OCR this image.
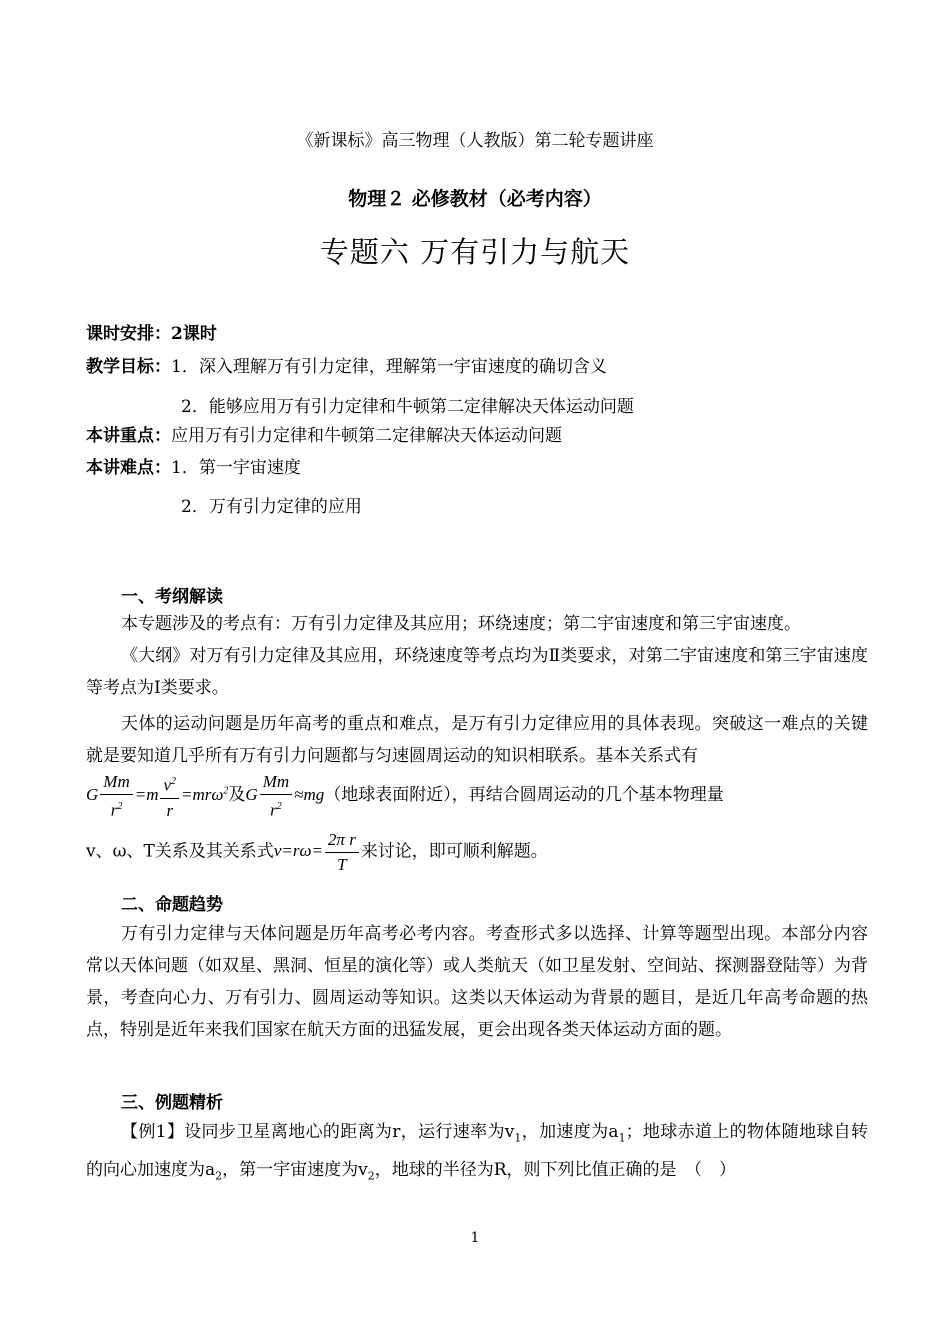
《新课标》高三物理（人教版）第二轮专题讲座
物理２ 必修教材（必考内容）
专题六 万有引力与航天
课时安排：2课时
教学目标：1．深入理解万有引力定律，理解第一宇宙速度的确切含义
2．能够应用万有引力定律和牛顿第二定律解决天体运动问题
本讲重点：应用万有引力定律和牛顿第二定律解决天体运动问题
本讲难点：1．第一宇宙速度
2．万有引力定律的应用
一、考纲解读
本专题涉及的考点有：万有引力定律及其应用；环绕速度；第二宇宙速度和第三宇宙速度。
《大纲》对万有引力定律及其应用，环绕速度等考点均为Ⅱ类要求，对第二宇宙速度和第三宇宙速度等考点为Ⅰ类要求。
天体的运动问题是历年高考的重点和难点，是万有引力定律应用的具体表现。突破这一难点的关键就是要知道几乎所有万有引力问题都与匀速圆周运动的知识相联系。基本关系式有
G $\frac{Mm}{r^2} =m \frac{v^2}{r} =mr\omega^2$及G $\frac{Mm}{r^2} \approx mg$（地球表面附近），再结合圆周运动的几个基本物理量
v、ω、T关系及其关系式$v=r\omega= \frac{\text{2π r}}{T}$ 来讨论，即可顺利解题。
二、命题趋势
万有引力定律与天体问题是历年高考必考内容。考查形式多以选择、计算等题型出现。本部分内容常以天体问题（如双星、黑洞、恒星的演化等）或人类航天（如卫星发射、空间站、探测器登陆等）为背景，考查向心力、万有引力、圆周运动等知识。这类以天体运动为背景的题目，是近几年高考命题的热点，特别是近年来我们国家在航天方面的迅猛发展，更会出现各类天体运动方面的题。
三、例题精析
【例1】设同步卫星离地心的距离为r，运行速率为$v_1$，加速度为$a_1$；地球赤道上的物体随地球自转的向心加速度为$a_2$，第一宇宙速度为$v_2$，地球的半径为R，则下列比值正确的是　（　）
1
